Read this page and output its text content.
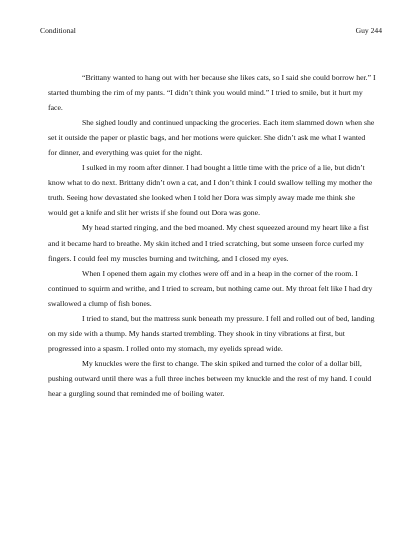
Conditional	Guy 244

“Brittany wanted to hang out with her because she likes cats, so I said she could borrow her.” I started thumbing the rim of my pants. “I didn’t think you would mind.” I tried to smile, but it hurt my face.

She sighed loudly and continued unpacking the groceries. Each item slammed down when she set it outside the paper or plastic bags, and her motions were quicker. She didn’t ask me what I wanted for dinner, and everything was quiet for the night.

I sulked in my room after dinner. I had bought a little time with the price of a lie, but didn’t know what to do next. Brittany didn’t own a cat, and I don’t think I could swallow telling my mother the truth. Seeing how devastated she looked when I told her Dora was simply away made me think she would get a knife and slit her wrists if she found out Dora was gone.

My head started ringing, and the bed moaned. My chest squeezed around my heart like a fist and it became hard to breathe. My skin itched and I tried scratching, but some unseen force curled my fingers. I could feel my muscles burning and twitching, and I closed my eyes.

When I opened them again my clothes were off and in a heap in the corner of the room. I continued to squirm and writhe, and I tried to scream, but nothing came out. My throat felt like I had dry swallowed a clump of fish bones.

I tried to stand, but the mattress sunk beneath my pressure. I fell and rolled out of bed, landing on my side with a thump. My hands started trembling. They shook in tiny vibrations at first, but progressed into a spasm. I rolled onto my stomach, my eyelids spread wide.

My knuckles were the first to change. The skin spiked and turned the color of a dollar bill, pushing outward until there was a full three inches between my knuckle and the rest of my hand. I could hear a gurgling sound that reminded me of boiling water.
